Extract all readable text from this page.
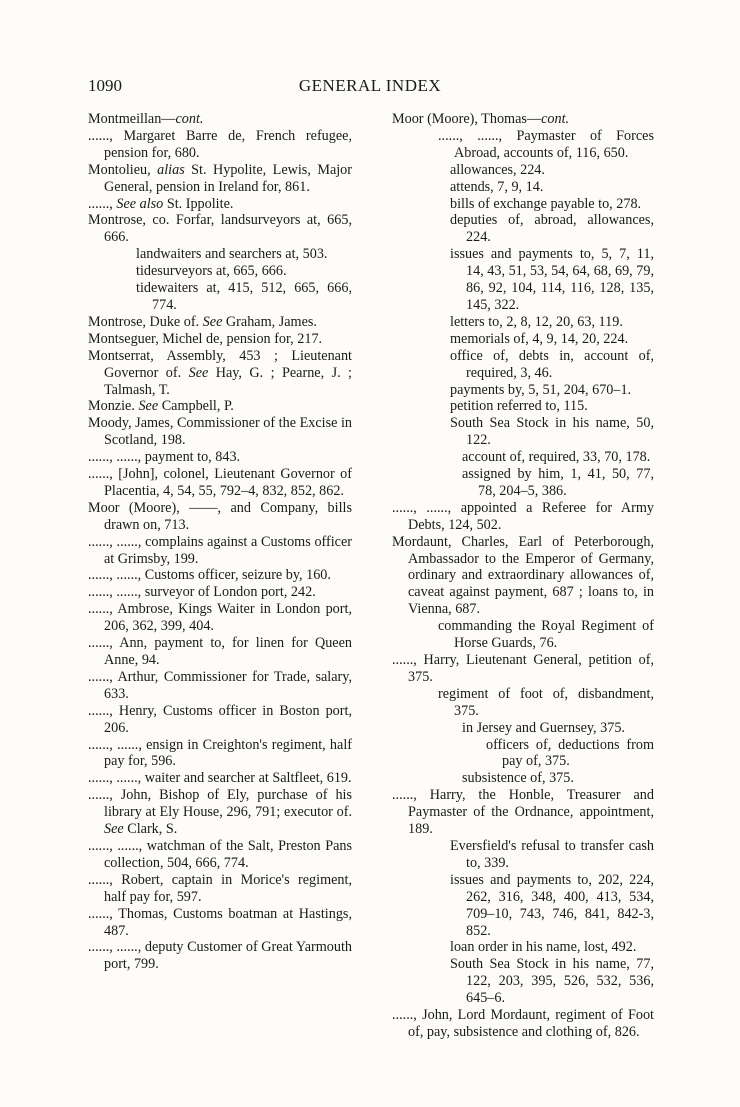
1090	GENERAL INDEX

Montmeillan—cont.

......, Margaret Barre de, French refugee, pension for, 680.

Montolieu, alias St. Hypolite, Lewis, Major General, pension in Ireland for, 861.

......, See also St. Ippolite.

Montrose, co. Forfar, landsurveyors at, 665, 666.

landwaiters and searchers at, 503.

tidesurveyors at, 665, 666.

tidewaiters at, 415, 512, 665, 666, 774.

Montrose, Duke of. See Graham, James.

Montseguer, Michel de, pension for, 217.

Montserrat, Assembly, 453 ; Lieutenant Governor of. See Hay, G. ; Pearne, J. ; Talmash, T.

Monzie. See Campbell, P.

Moody, James, Commissioner of the Excise in Scotland, 198.

......, ......, payment to, 843.

......, [John], colonel, Lieutenant Governor of Placentia, 4, 54, 55, 792–4, 832, 852, 862.

Moor (Moore), ——, and Company, bills drawn on, 713.

......, ......, complains against a Customs officer at Grimsby, 199.

......, ......, Customs officer, seizure by, 160.

......, ......, surveyor of London port, 242.

......, Ambrose, Kings Waiter in London port, 206, 362, 399, 404.

......, Ann, payment to, for linen for Queen Anne, 94.

......, Arthur, Commissioner for Trade, salary, 633.

......, Henry, Customs officer in Boston port, 206.

......, ......, ensign in Creighton's regiment, half pay for, 596.

......, ......, waiter and searcher at Saltfleet, 619.

......, John, Bishop of Ely, purchase of his library at Ely House, 296, 791; executor of. See Clark, S.

......, ......, watchman of the Salt, Preston Pans collection, 504, 666, 774.

......, Robert, captain in Morice's regiment, half pay for, 597.

......, Thomas, Customs boatman at Hastings, 487.

......, ......, deputy Customer of Great Yarmouth port, 799.

Moor (Moore), Thomas—cont.

......, ......, Paymaster of Forces Abroad, accounts of, 116, 650.

allowances, 224.

attends, 7, 9, 14.

bills of exchange payable to, 278.

deputies of, abroad, allowances, 224.

issues and payments to, 5, 7, 11, 14, 43, 51, 53, 54, 64, 68, 69, 79, 86, 92, 104, 114, 116, 128, 135, 145, 322.

letters to, 2, 8, 12, 20, 63, 119.

memorials of, 4, 9, 14, 20, 224.

office of, debts in, account of, required, 3, 46.

payments by, 5, 51, 204, 670–1.

petition referred to, 115.

South Sea Stock in his name, 50, 122.

account of, required, 33, 70, 178.

assigned by him, 1, 41, 50, 77, 78, 204–5, 386.

......, ......, appointed a Referee for Army Debts, 124, 502.

Mordaunt, Charles, Earl of Peterborough, Ambassador to the Emperor of Germany, ordinary and extraordinary allowances of, caveat against payment, 687 ; loans to, in Vienna, 687.

commanding the Royal Regiment of Horse Guards, 76.

......, Harry, Lieutenant General, petition of, 375.

regiment of foot of, disbandment, 375.

in Jersey and Guernsey, 375.

officers of, deductions from pay of, 375.

subsistence of, 375.

......, Harry, the Honble, Treasurer and Paymaster of the Ordnance, appointment, 189.

Eversfield's refusal to transfer cash to, 339.

issues and payments to, 202, 224, 262, 316, 348, 400, 413, 534, 709–10, 743, 746, 841, 842-3, 852.

loan order in his name, lost, 492.

South Sea Stock in his name, 77, 122, 203, 395, 526, 532, 536, 645–6.

......, John, Lord Mordaunt, regiment of Foot of, pay, subsistence and clothing of, 826.
